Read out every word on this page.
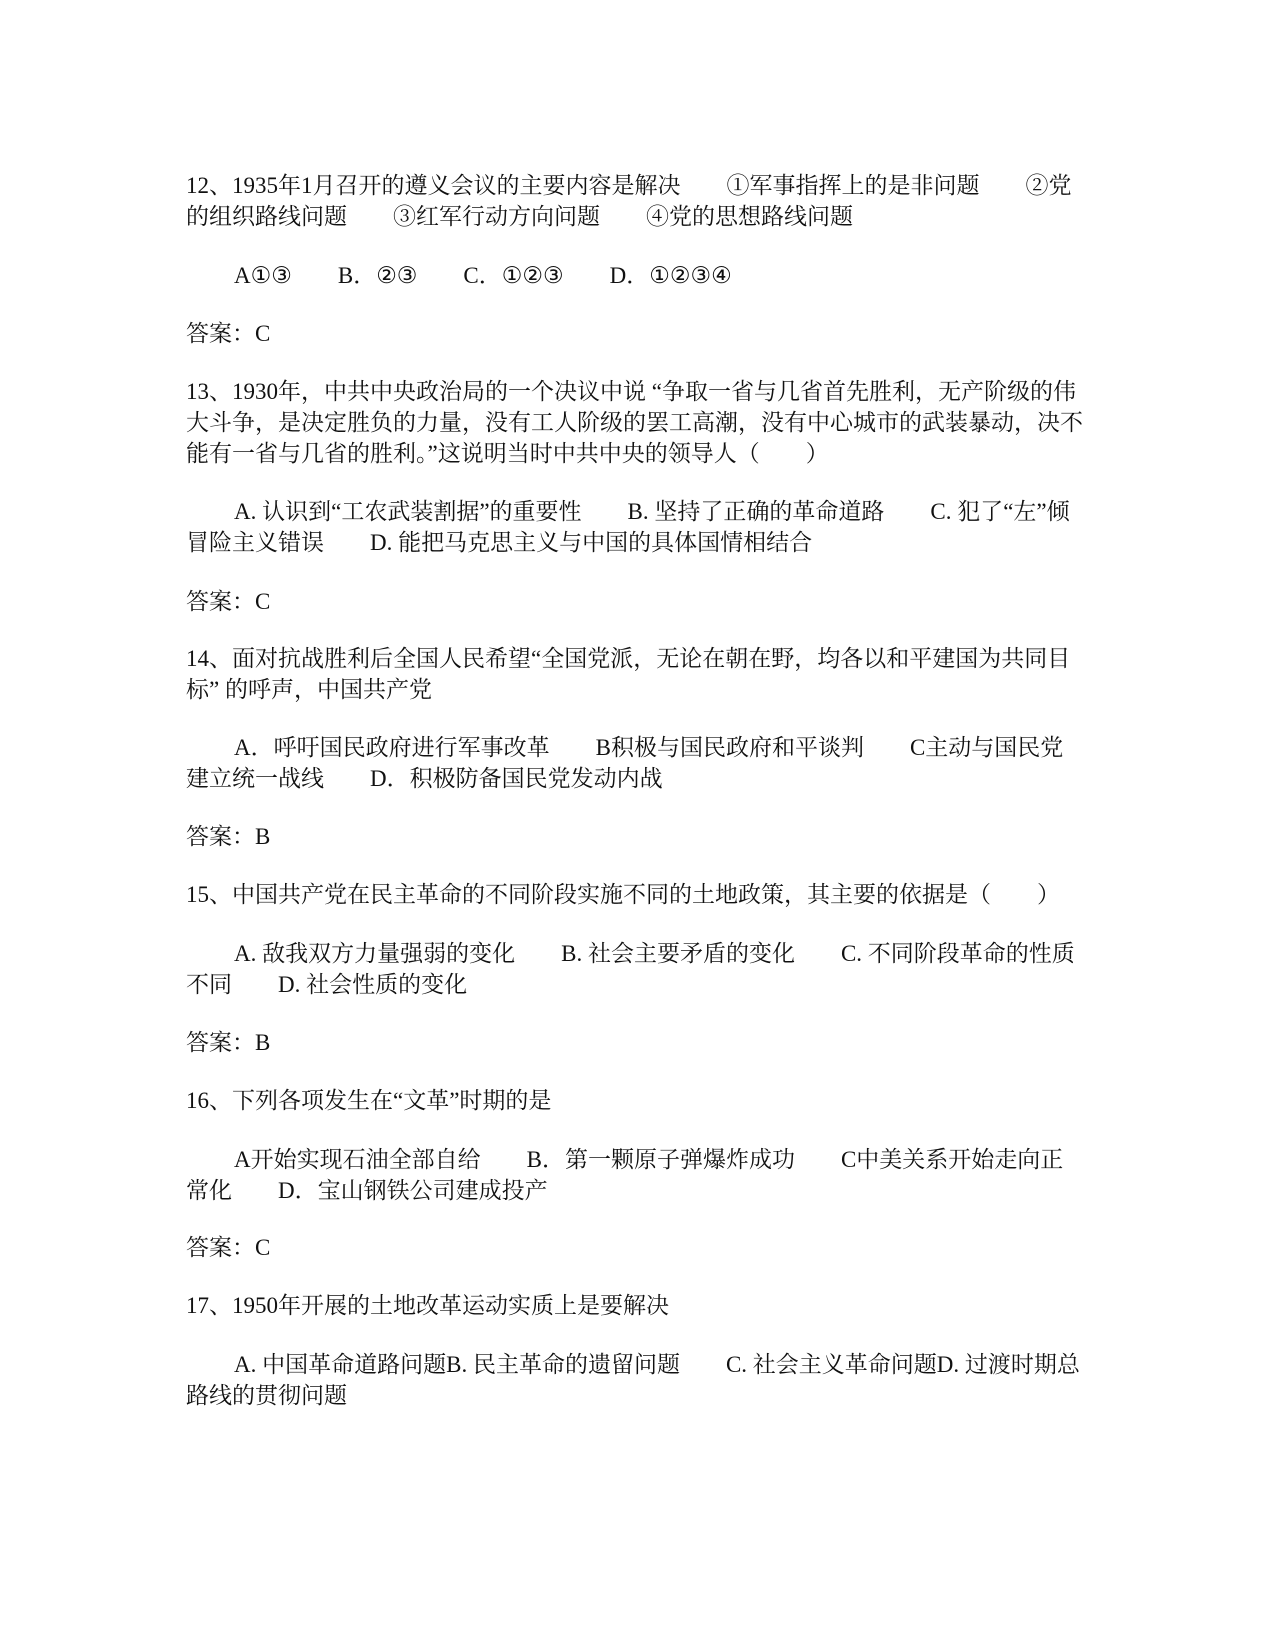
12、1935年1月召开的遵义会议的主要内容是解决　　①军事指挥上的是非问题　　②党的组织路线问题　　③红军行动方向问题　　④党的思想路线问题

A①③　　B．②③　　C．①②③　　D．①②③④

答案：C

13、1930年，中共中央政治局的一个决议中说 “争取一省与几省首先胜利，无产阶级的伟大斗争，是决定胜负的力量，没有工人阶级的罢工高潮，没有中心城市的武装暴动，决不能有一省与几省的胜利。”这说明当时中共中央的领导人（　　）

A. 认识到“工农武装割据”的重要性　　B. 坚持了正确的革命道路　　C. 犯了“左”倾冒险主义错误　　D. 能把马克思主义与中国的具体国情相结合

答案：C

14、面对抗战胜利后全国人民希望“全国党派，无论在朝在野，均各以和平建国为共同目标” 的呼声，中国共产党

A．呼吁国民政府进行军事改革　　B积极与国民政府和平谈判　　C主动与国民党建立统一战线　　D．积极防备国民党发动内战

答案：B

15、中国共产党在民主革命的不同阶段实施不同的土地政策，其主要的依据是（　　）

A. 敌我双方力量强弱的变化　　B. 社会主要矛盾的变化　　C. 不同阶段革命的性质不同　　D. 社会性质的变化

答案：B

16、下列各项发生在“文革”时期的是

A开始实现石油全部自给　　B．第一颗原子弹爆炸成功　　C中美关系开始走向正常化　　D．宝山钢铁公司建成投产

答案：C

17、1950年开展的土地改革运动实质上是要解决

A. 中国革命道路问题B. 民主革命的遗留问题　　C. 社会主义革命问题D. 过渡时期总路线的贯彻问题
